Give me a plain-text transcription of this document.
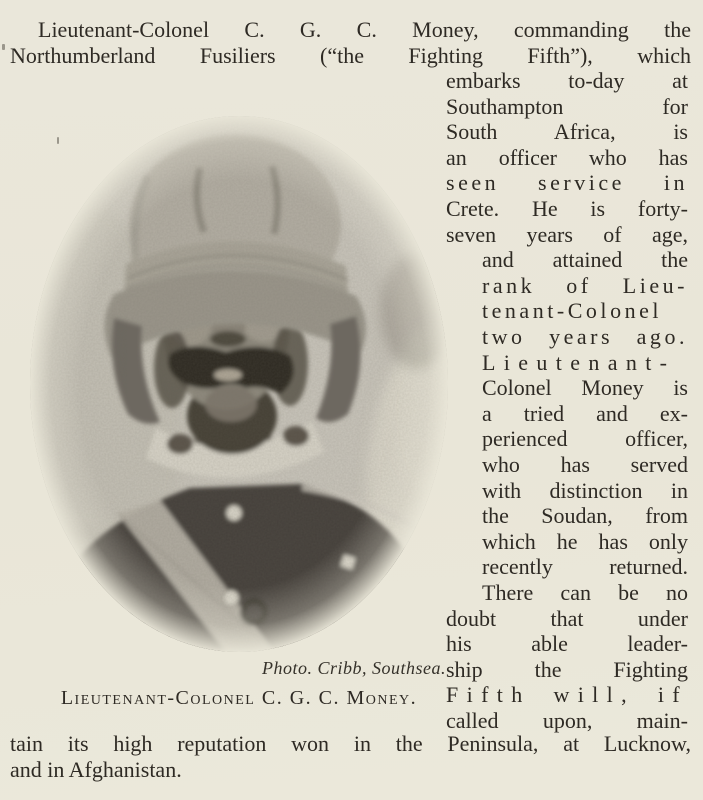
Lieutenant-Colonel C. G. C. Money, commanding the
Northumberland Fusiliers (“the Fighting Fifth”), which
embarks to-day at
Southampton for
South Africa, is
an officer who has
seen service in
Crete. He is forty-
seven years of age,
and attained the
rank of Lieu-
tenant-Colonel
two years ago.
Lieutenant-
Colonel Money is
a tried and ex-
perienced officer,
who has served
with distinction in
the Soudan, from
which he has only
recently returned.
There can be no
doubt that under
his able leader-
ship the Fighting
Fifth will, if
called upon, main-
tain its high reputation won in the Peninsula, at Lucknow,
and in Afghanistan.
Photo. Cribb, Southsea.
Lieutenant-Colonel C. G. C. Money.
